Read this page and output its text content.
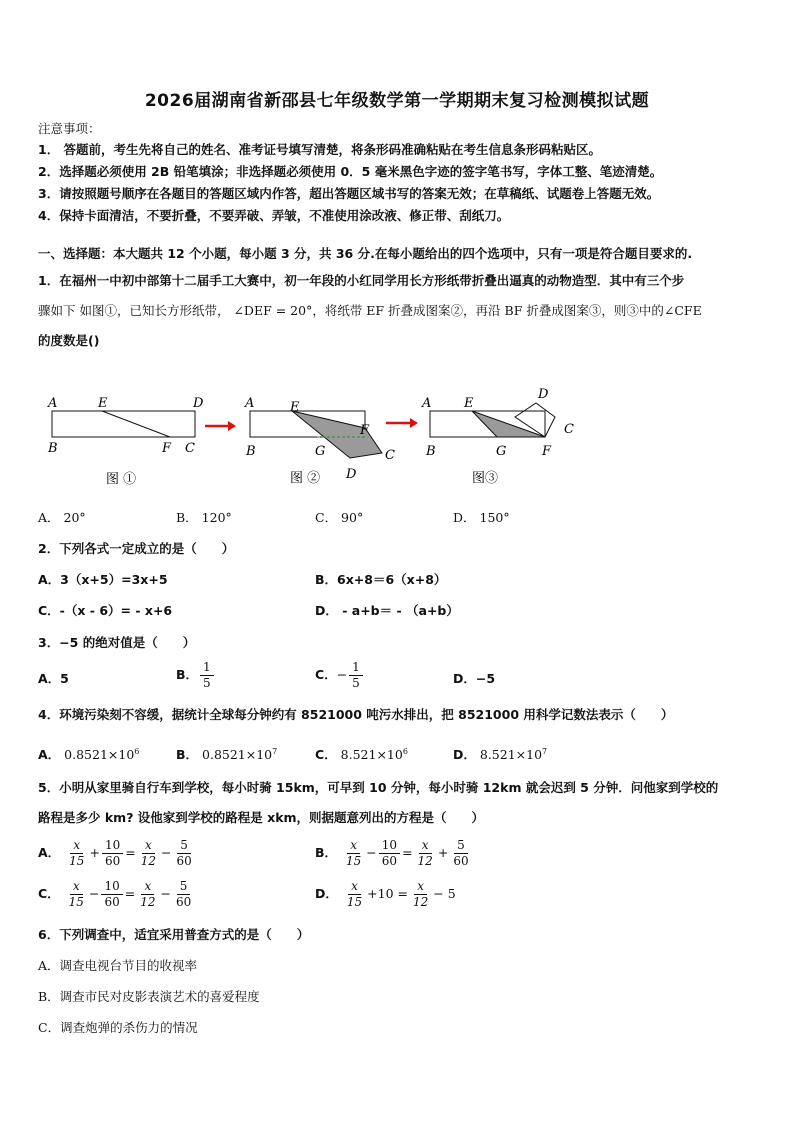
2026届湖南省新邵县七年级数学第一学期期末复习检测模拟试题
注意事项：
1． 答题前，考生先将自己的姓名、准考证号填写清楚，将条形码准确粘贴在考生信息条形码粘贴区。
2．选择题必须使用 2B 铅笔填涂；非选择题必须使用 0．5 毫米黑色字迹的签字笔书写，字体工整、笔迹清楚。
3．请按照题号顺序在各题目的答题区域内作答，超出答题区域书写的答案无效；在草稿纸、试题卷上答题无效。
4．保持卡面清洁，不要折叠，不要弄破、弄皱，不准使用涂改液、修正带、刮纸刀。
一、选择题：本大题共 12 个小题，每小题 3 分，共 36 分.在每小题给出的四个选项中，只有一项是符合题目要求的.
1．在福州一中初中部第十二届手工大赛中，初一年段的小红同学用长方形纸带折叠出逼真的动物造型．其中有三个步
骤如下 如图①，已知长方形纸带， ∠DEF = 20°，将纸带 EF 折叠成图案②，再沿 BF 折叠成图案③，则③中的∠CFE
的度数是()
A	E	D
B	F C
图 ①
A	E
F
B	G	C
D
图 ②
A	E
D
C
B	G	F
图③
A． 20°	B． 120°	C． 90°	D． 150°
2．下列各式一定成立的是（　　）
A．3（x+5）=3x+5	B．6x+8＝6（x+8）
C．-（x - 6）= - x+6	D． - a+b＝ - （a+b）
3．−5 的绝对值是（　　）
A．5	B． $\frac{1}{5}$	C．− $\frac{1}{5}$	D．−5
4．环境污染刻不容缓，据统计全球每分钟约有 8521000 吨污水排出，把 8521000 用科学记数法表示（　　）
A． $0.8521\times 10^6$	B． $0.8521\times 10^7$	C． $8.521\times 10^6$	D． $8.521\times 10^7$
5．小明从家里骑自行车到学校，每小时骑 15km，可早到 10 分钟，每小时骑 12km 就会迟到 5 分钟．问他家到学校的
路程是多少 km? 设他家到学校的路程是 xkm，则据题意列出的方程是（　　）
A． $\frac{x}{15} + \frac{10}{60} = \frac{x}{12} - \frac{5}{60}$	B． $\frac{x}{15} - \frac{10}{60} = \frac{x}{12} + \frac{5}{60}$
C． $\frac{x}{15} - \frac{10}{60} = \frac{x}{12} - \frac{5}{60}$	D． $\frac{x}{15} +10 = \frac{x}{12} - 5$
6．下列调查中，适宜采用普查方式的是（　　）
A．调查电视台节目的收视率
B．调查市民对皮影表演艺术的喜爱程度
C．调查炮弹的杀伤力的情况
